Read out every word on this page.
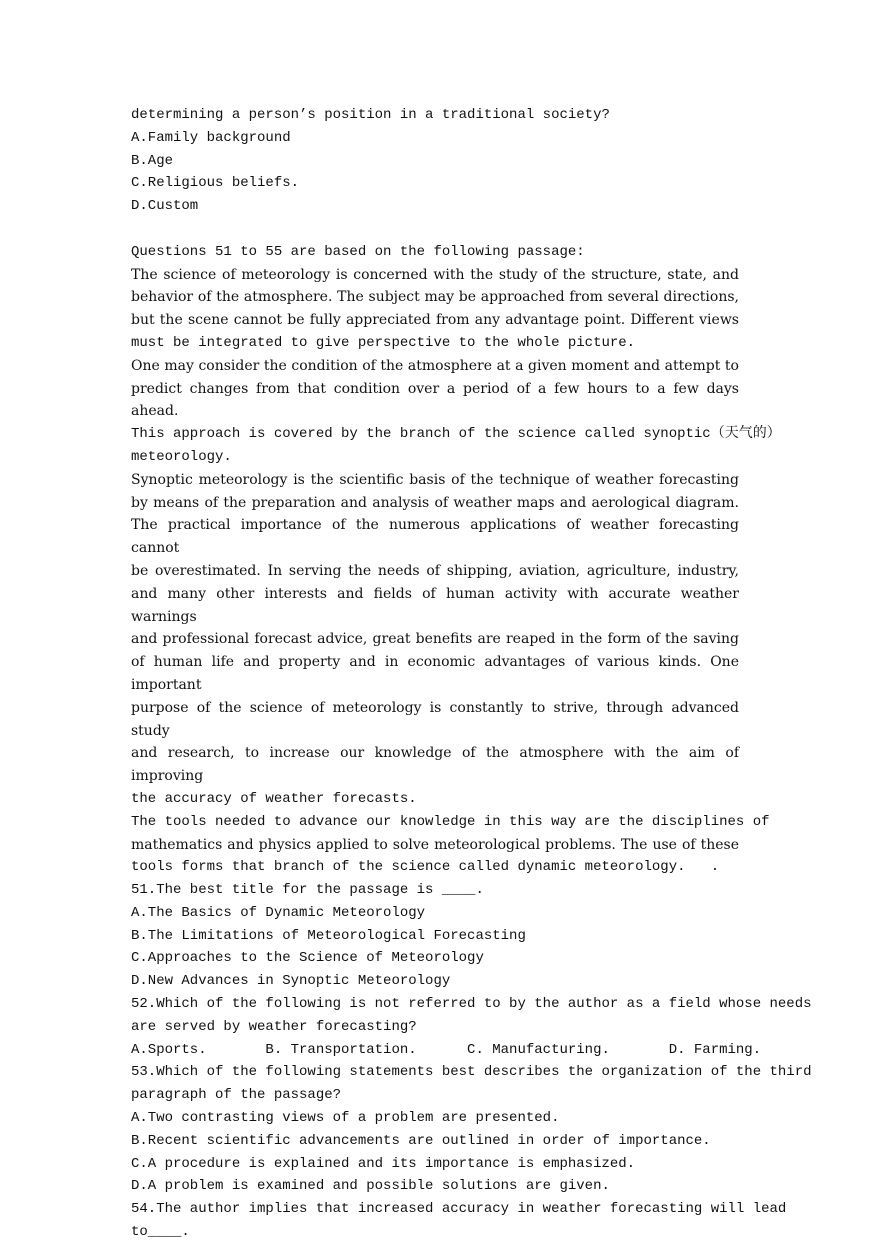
determining a person’s position in a traditional society?
A.Family background
B.Age
C.Religious beliefs.
D.Custom
Questions 51 to 55 are based on the following passage:
The science of meteorology is concerned with the study of the structure, state, and
behavior of the atmosphere. The subject may be approached from several directions,
but the scene cannot be fully appreciated from any advantage point. Different views
must be integrated to give perspective to the whole picture.
One may consider the condition of the atmosphere at a given moment and attempt to
predict changes from that condition over a period of a few hours to a few days ahead.
This approach is covered by the branch of the science called synoptic（天气的）
meteorology.
Synoptic meteorology is the scientific basis of the technique of weather forecasting
by means of the preparation and analysis of weather maps and aerological diagram.
The practical importance of the numerous applications of weather forecasting cannot
be overestimated. In serving the needs of shipping, aviation, agriculture, industry,
and many other interests and fields of human activity with accurate weather warnings
and professional forecast advice, great benefits are reaped in the form of the saving
of human life and property and in economic advantages of various kinds. One important
purpose of the science of meteorology is constantly to strive, through advanced study
and research, to increase our knowledge of the atmosphere with the aim of improving
the accuracy of weather forecasts.
The tools needed to advance our knowledge in this way are the disciplines of
mathematics and physics applied to solve meteorological problems. The use of these
tools forms that branch of the science called dynamic meteorology.   .
51.The best title for the passage is ____.
A.The Basics of Dynamic Meteorology
B.The Limitations of Meteorological Forecasting
C.Approaches to the Science of Meteorology
D.New Advances in Synoptic Meteorology
52.Which of the following is not referred to by the author as a field whose needs
are served by weather forecasting?
A.Sports.       B. Transportation.      C. Manufacturing.       D. Farming.
53.Which of the following statements best describes the organization of the third
paragraph of the passage?
A.Two contrasting views of a problem are presented.
B.Recent scientific advancements are outlined in order of importance.
C.A procedure is explained and its importance is emphasized.
D.A problem is examined and possible solutions are given.
54.The author implies that increased accuracy in weather forecasting will lead
to____.
